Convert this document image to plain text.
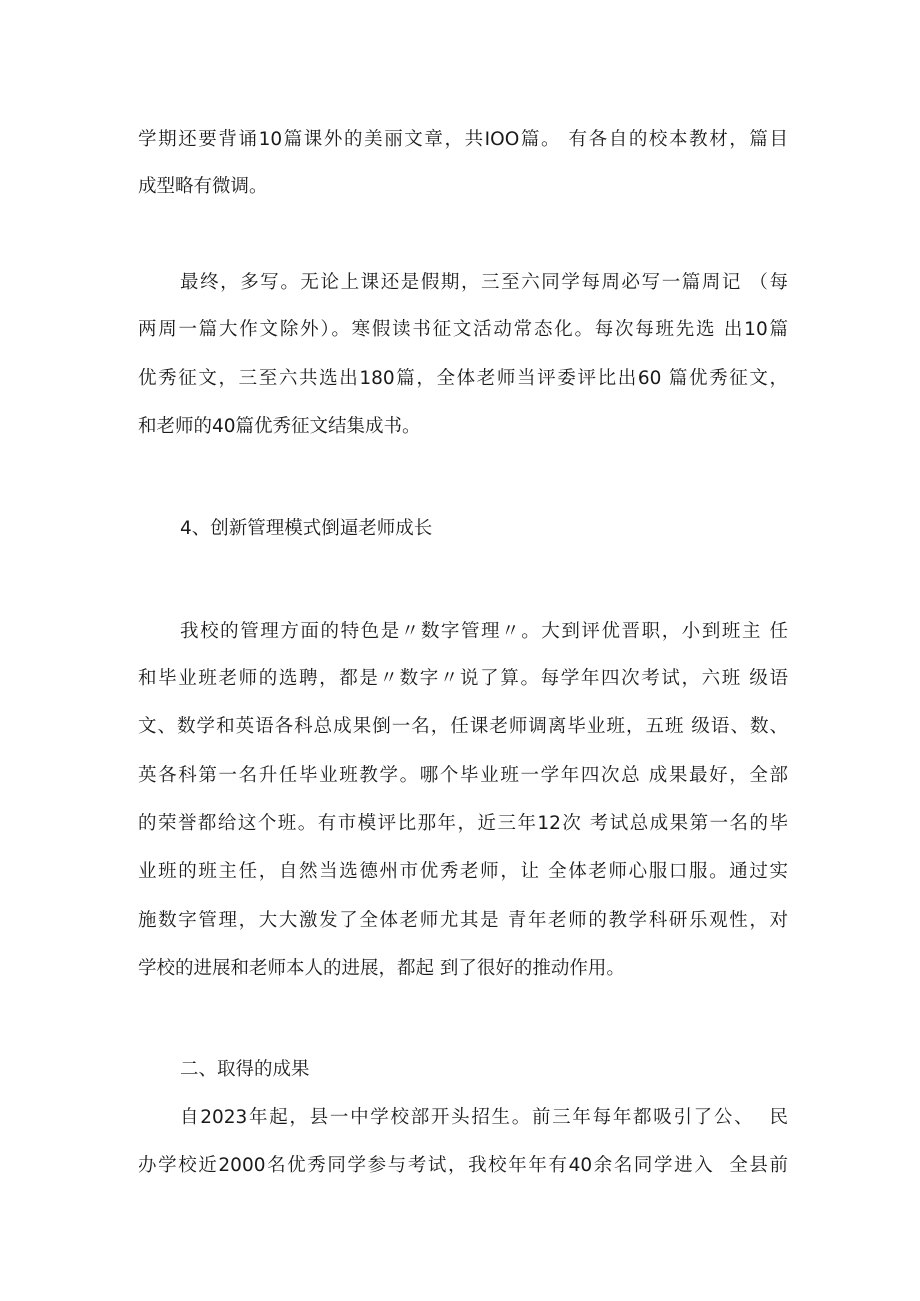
学期还要背诵10篇课外的美丽文章，共IOO篇。 有各自的校本教材，篇目
成型略有微调。
最终，多写。无论上课还是假期，三至六同学每周必写一篇周记 （每
两周一篇大作文除外）。寒假读书征文活动常态化。每次每班先选 出10篇
优秀征文，三至六共选出180篇，全体老师当评委评比出60 篇优秀征文，
和老师的40篇优秀征文结集成书。
4、创新管理模式倒逼老师成长
我校的管理方面的特色是〃数字管理〃。大到评优晋职，小到班主 任
和毕业班老师的选聘，都是〃数字〃说了算。每学年四次考试，六班 级语
文、数学和英语各科总成果倒一名，任课老师调离毕业班，五班 级语、数、
英各科第一名升任毕业班教学。哪个毕业班一学年四次总 成果最好，全部
的荣誉都给这个班。有市模评比那年，近三年12次 考试总成果第一名的毕
业班的班主任，自然当选德州市优秀老师，让 全体老师心服口服。通过实
施数字管理，大大激发了全体老师尤其是 青年老师的教学科研乐观性，对
学校的进展和老师本人的进展，都起 到了很好的推动作用。
二、取得的成果
自2023年起，县一中学校部开头招生。前三年每年都吸引了公、  民
办学校近2000名优秀同学参与考试，我校年年有40余名同学进入  全县前
